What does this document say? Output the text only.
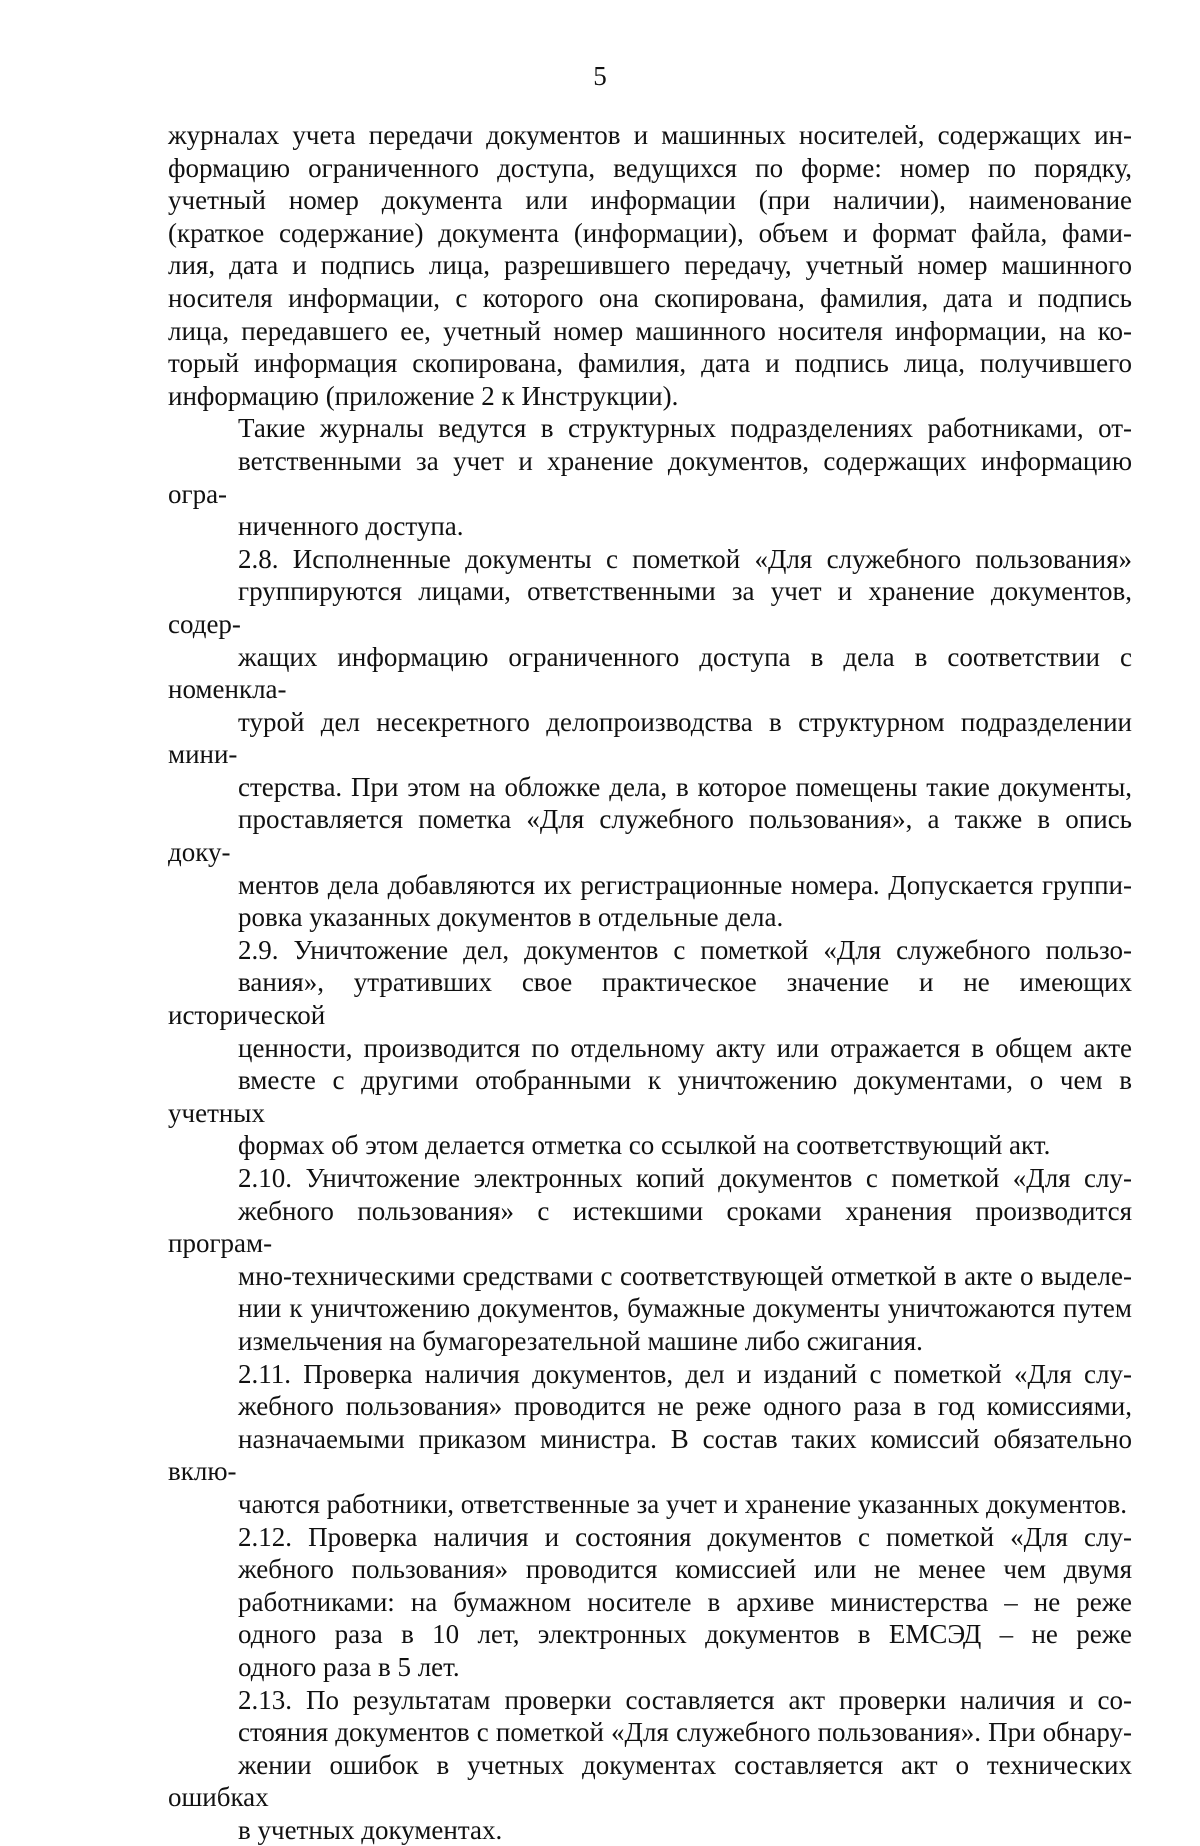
5

журналах учета передачи документов и машинных носителей, содержащих ин-
формацию ограниченного доступа, ведущихся по форме: номер по порядку,
учетный номер документа или информации (при наличии), наименование
(краткое содержание) документа (информации), объем и формат файла, фами-
лия, дата и подпись лица, разрешившего передачу, учетный номер машинного
носителя информации, с которого она скопирована, фамилия, дата и подпись
лица, передавшего ее, учетный номер машинного носителя информации, на ко-
торый информация скопирована, фамилия, дата и подпись лица, получившего
информацию (приложение 2 к Инструкции).

Такие журналы ведутся в структурных подразделениях работниками, от-
ветственными за учет и хранение документов, содержащих информацию огра-
ниченного доступа.

2.8. Исполненные документы с пометкой «Для служебного пользования»
группируются лицами, ответственными за учет и хранение документов, содер-
жащих информацию ограниченного доступа в дела в соответствии с номенкла-
турой дел несекретного делопроизводства в структурном подразделении мини-
стерства. При этом на обложке дела, в которое помещены такие документы,
проставляется пометка «Для служебного пользования», а также в опись доку-
ментов дела добавляются их регистрационные номера. Допускается группи-
ровка указанных документов в отдельные дела.

2.9. Уничтожение дел, документов с пометкой «Для служебного пользо-
вания», утративших свое практическое значение и не имеющих исторической
ценности, производится по отдельному акту или отражается в общем акте
вместе с другими отобранными к уничтожению документами, о чем в учетных
формах об этом делается отметка со ссылкой на соответствующий акт.

2.10. Уничтожение электронных копий документов с пометкой «Для слу-
жебного пользования» с истекшими сроками хранения производится програм-
мно-техническими средствами с соответствующей отметкой в акте о выделе-
нии к уничтожению документов, бумажные документы уничтожаются путем
измельчения на бумагорезательной машине либо сжигания.

2.11. Проверка наличия документов, дел и изданий с пометкой «Для слу-
жебного пользования» проводится не реже одного раза в год комиссиями,
назначаемыми приказом министра. В состав таких комиссий обязательно вклю-
чаются работники, ответственные за учет и хранение указанных документов.

2.12. Проверка наличия и состояния документов с пометкой «Для слу-
жебного пользования» проводится комиссией или не менее чем двумя
работниками: на бумажном носителе в архиве министерства – не реже
одного раза в 10 лет, электронных документов в ЕМСЭД – не реже
одного раза в 5 лет.

2.13. По результатам проверки составляется акт проверки наличия и со-
стояния документов с пометкой «Для служебного пользования». При обнару-
жении ошибок в учетных документах составляется акт о технических ошибках
в учетных документах.
